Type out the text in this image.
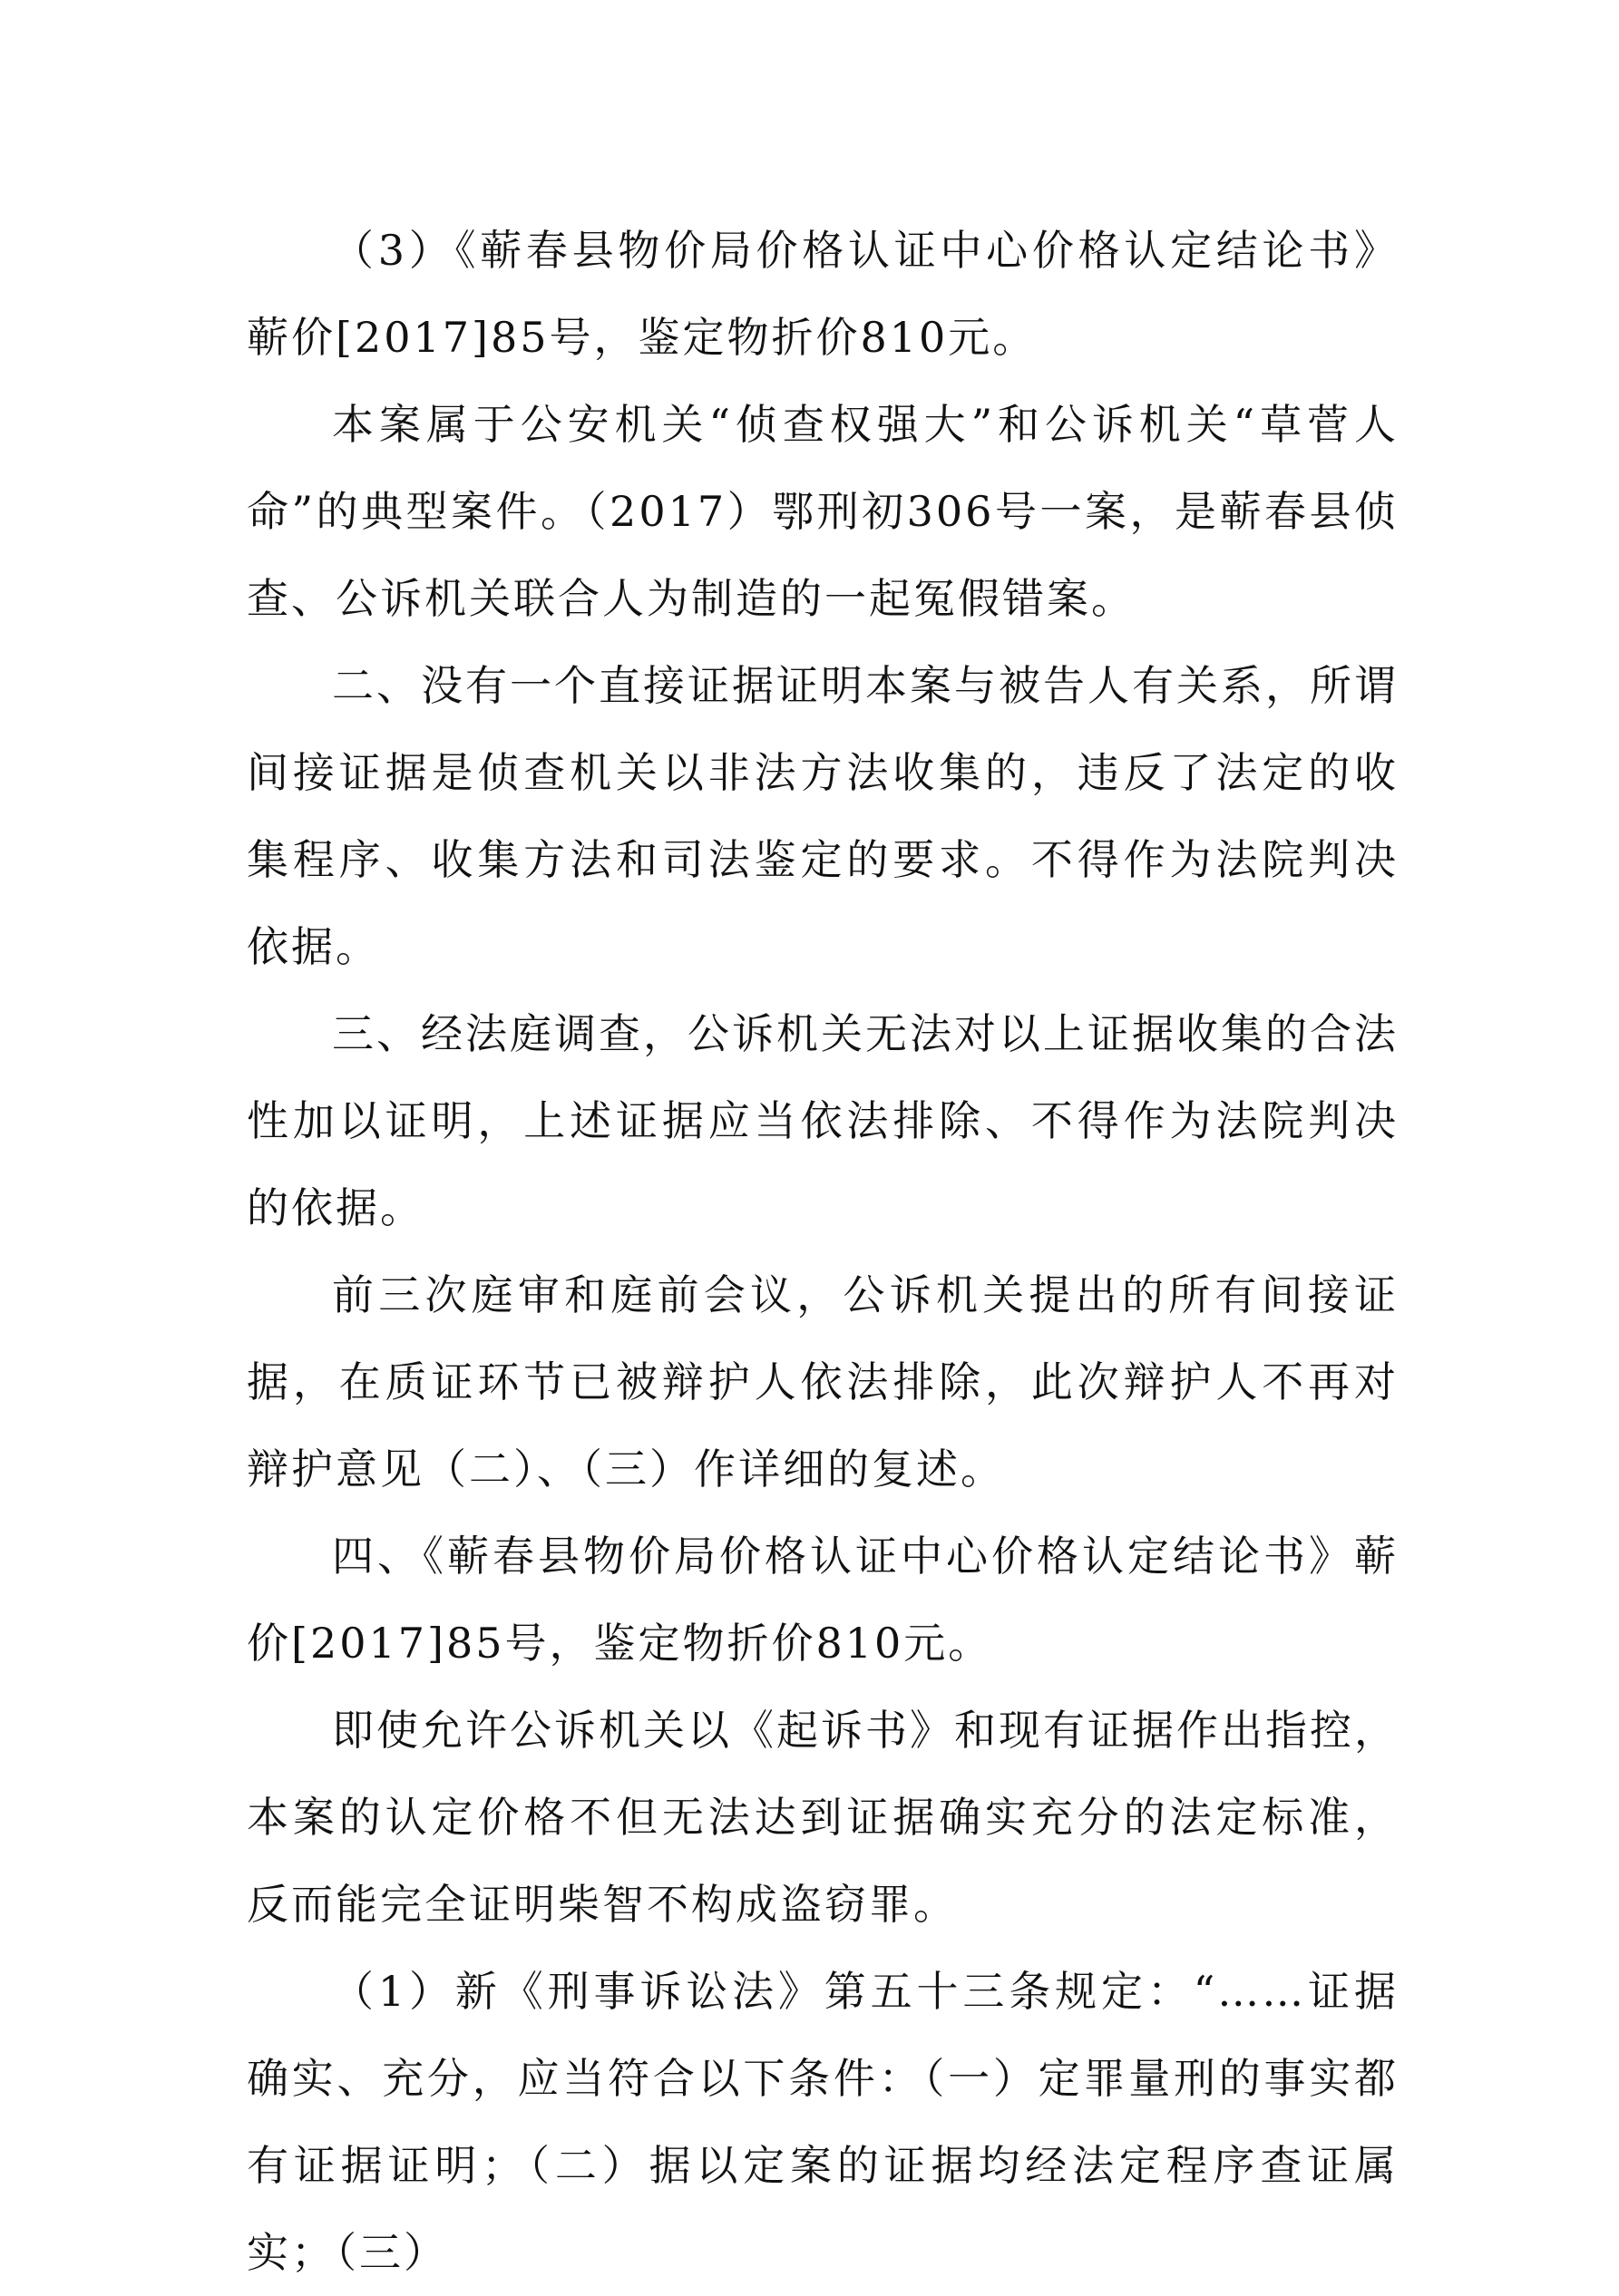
（3）《蕲春县物价局价格认证中心价格认定结论书》蕲价[2017]85号，鉴定物折价810元。

本案属于公安机关“侦查权强大”和公诉机关“草菅人命”的典型案件。（2017）鄂刑初306号一案，是蕲春县侦查、公诉机关联合人为制造的一起冤假错案。

二、没有一个直接证据证明本案与被告人有关系，所谓间接证据是侦查机关以非法方法收集的，违反了法定的收集程序、收集方法和司法鉴定的要求。不得作为法院判决依据。

三、经法庭调查，公诉机关无法对以上证据收集的合法性加以证明，上述证据应当依法排除、不得作为法院判决的依据。

前三次庭审和庭前会议，公诉机关提出的所有间接证据，在质证环节已被辩护人依法排除，此次辩护人不再对辩护意见（二）、（三）作详细的复述。

四、《蕲春县物价局价格认证中心价格认定结论书》蕲价[2017]85号，鉴定物折价810元。

即使允许公诉机关以《起诉书》和现有证据作出指控，本案的认定价格不但无法达到证据确实充分的法定标准，反而能完全证明柴智不构成盗窃罪。

（1）新《刑事诉讼法》第五十三条规定：“……证据确实、充分，应当符合以下条件：（一）定罪量刑的事实都有证据证明；（二）据以定案的证据均经法定程序查证属实；（三）
